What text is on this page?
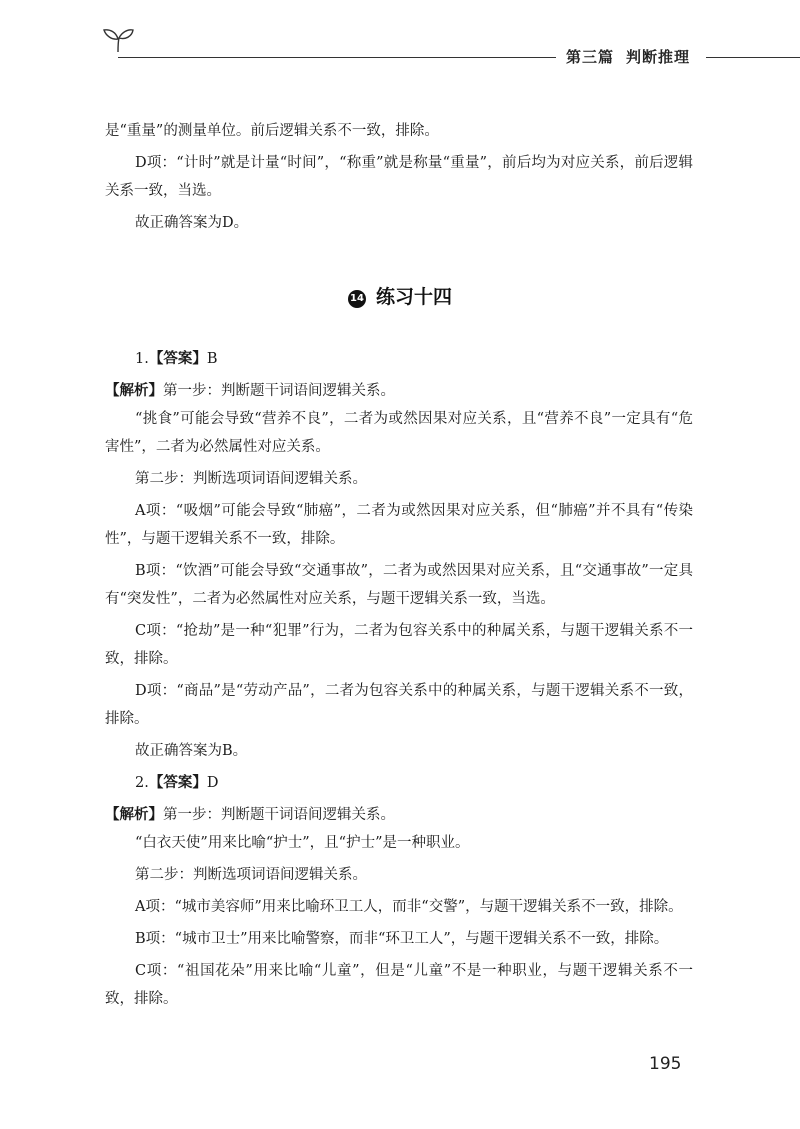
第三篇 判断推理

是“重量”的测量单位。前后逻辑关系不一致，排除。

D项：“计时”就是计量“时间”，“称重”就是称量“重量”，前后均为对应关系，前后逻辑关系一致，当选。

故正确答案为D。

14 练习十四

1.【答案】B

【解析】第一步：判断题干词语间逻辑关系。

“挑食”可能会导致“营养不良”，二者为或然因果对应关系，且“营养不良”一定具有“危害性”，二者为必然属性对应关系。

第二步：判断选项词语间逻辑关系。

A项：“吸烟”可能会导致“肺癌”，二者为或然因果对应关系，但“肺癌”并不具有“传染性”，与题干逻辑关系不一致，排除。

B项：“饮酒”可能会导致“交通事故”，二者为或然因果对应关系，且“交通事故”一定具有“突发性”，二者为必然属性对应关系，与题干逻辑关系一致，当选。

C项：“抢劫”是一种“犯罪”行为，二者为包容关系中的种属关系，与题干逻辑关系不一致，排除。

D项：“商品”是“劳动产品”，二者为包容关系中的种属关系，与题干逻辑关系不一致，排除。

故正确答案为B。

2.【答案】D

【解析】第一步：判断题干词语间逻辑关系。

“白衣天使”用来比喻“护士”，且“护士”是一种职业。

第二步：判断选项词语间逻辑关系。

A项：“城市美容师”用来比喻环卫工人，而非“交警”，与题干逻辑关系不一致，排除。

B项：“城市卫士”用来比喻警察，而非“环卫工人”，与题干逻辑关系不一致，排除。

C项：“祖国花朵”用来比喻“儿童”，但是“儿童”不是一种职业，与题干逻辑关系不一致，排除。

195
